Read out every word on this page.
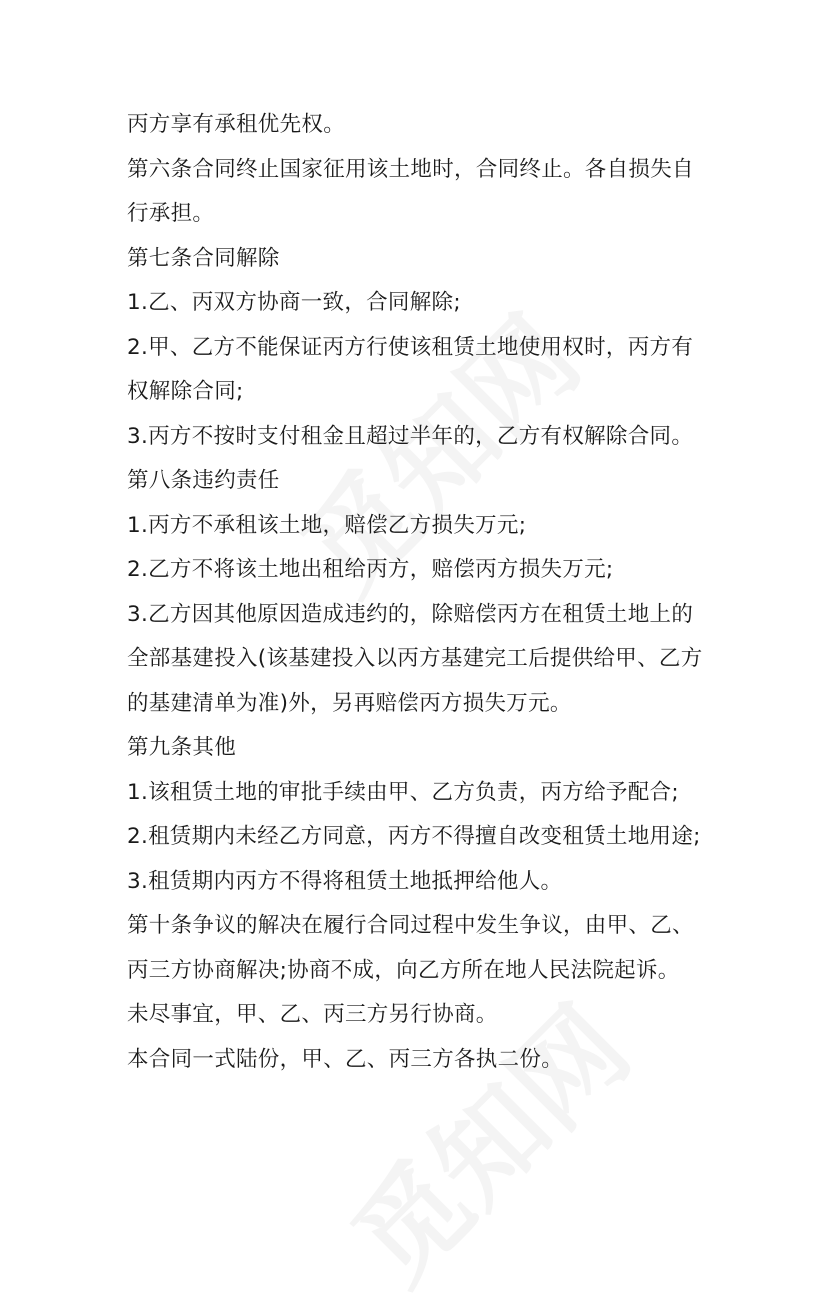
丙方享有承租优先权。
第六条合同终止国家征用该土地时，合同终止。各自损失自
行承担。
第七条合同解除
1.乙、丙双方协商一致，合同解除;
2.甲、乙方不能保证丙方行使该租赁土地使用权时，丙方有
权解除合同;
3.丙方不按时支付租金且超过半年的，乙方有权解除合同。
第八条违约责任
1.丙方不承租该土地，赔偿乙方损失万元;
2.乙方不将该土地出租给丙方，赔偿丙方损失万元;
3.乙方因其他原因造成违约的，除赔偿丙方在租赁土地上的
全部基建投入(该基建投入以丙方基建完工后提供给甲、乙方
的基建清单为准)外，另再赔偿丙方损失万元。
第九条其他
1.该租赁土地的审批手续由甲、乙方负责，丙方给予配合;
2.租赁期内未经乙方同意，丙方不得擅自改变租赁土地用途;
3.租赁期内丙方不得将租赁土地抵押给他人。
第十条争议的解决在履行合同过程中发生争议，由甲、乙、
丙三方协商解决;协商不成，向乙方所在地人民法院起诉。
未尽事宜，甲、乙、丙三方另行协商。
本合同一式陆份，甲、乙、丙三方各执二份。
